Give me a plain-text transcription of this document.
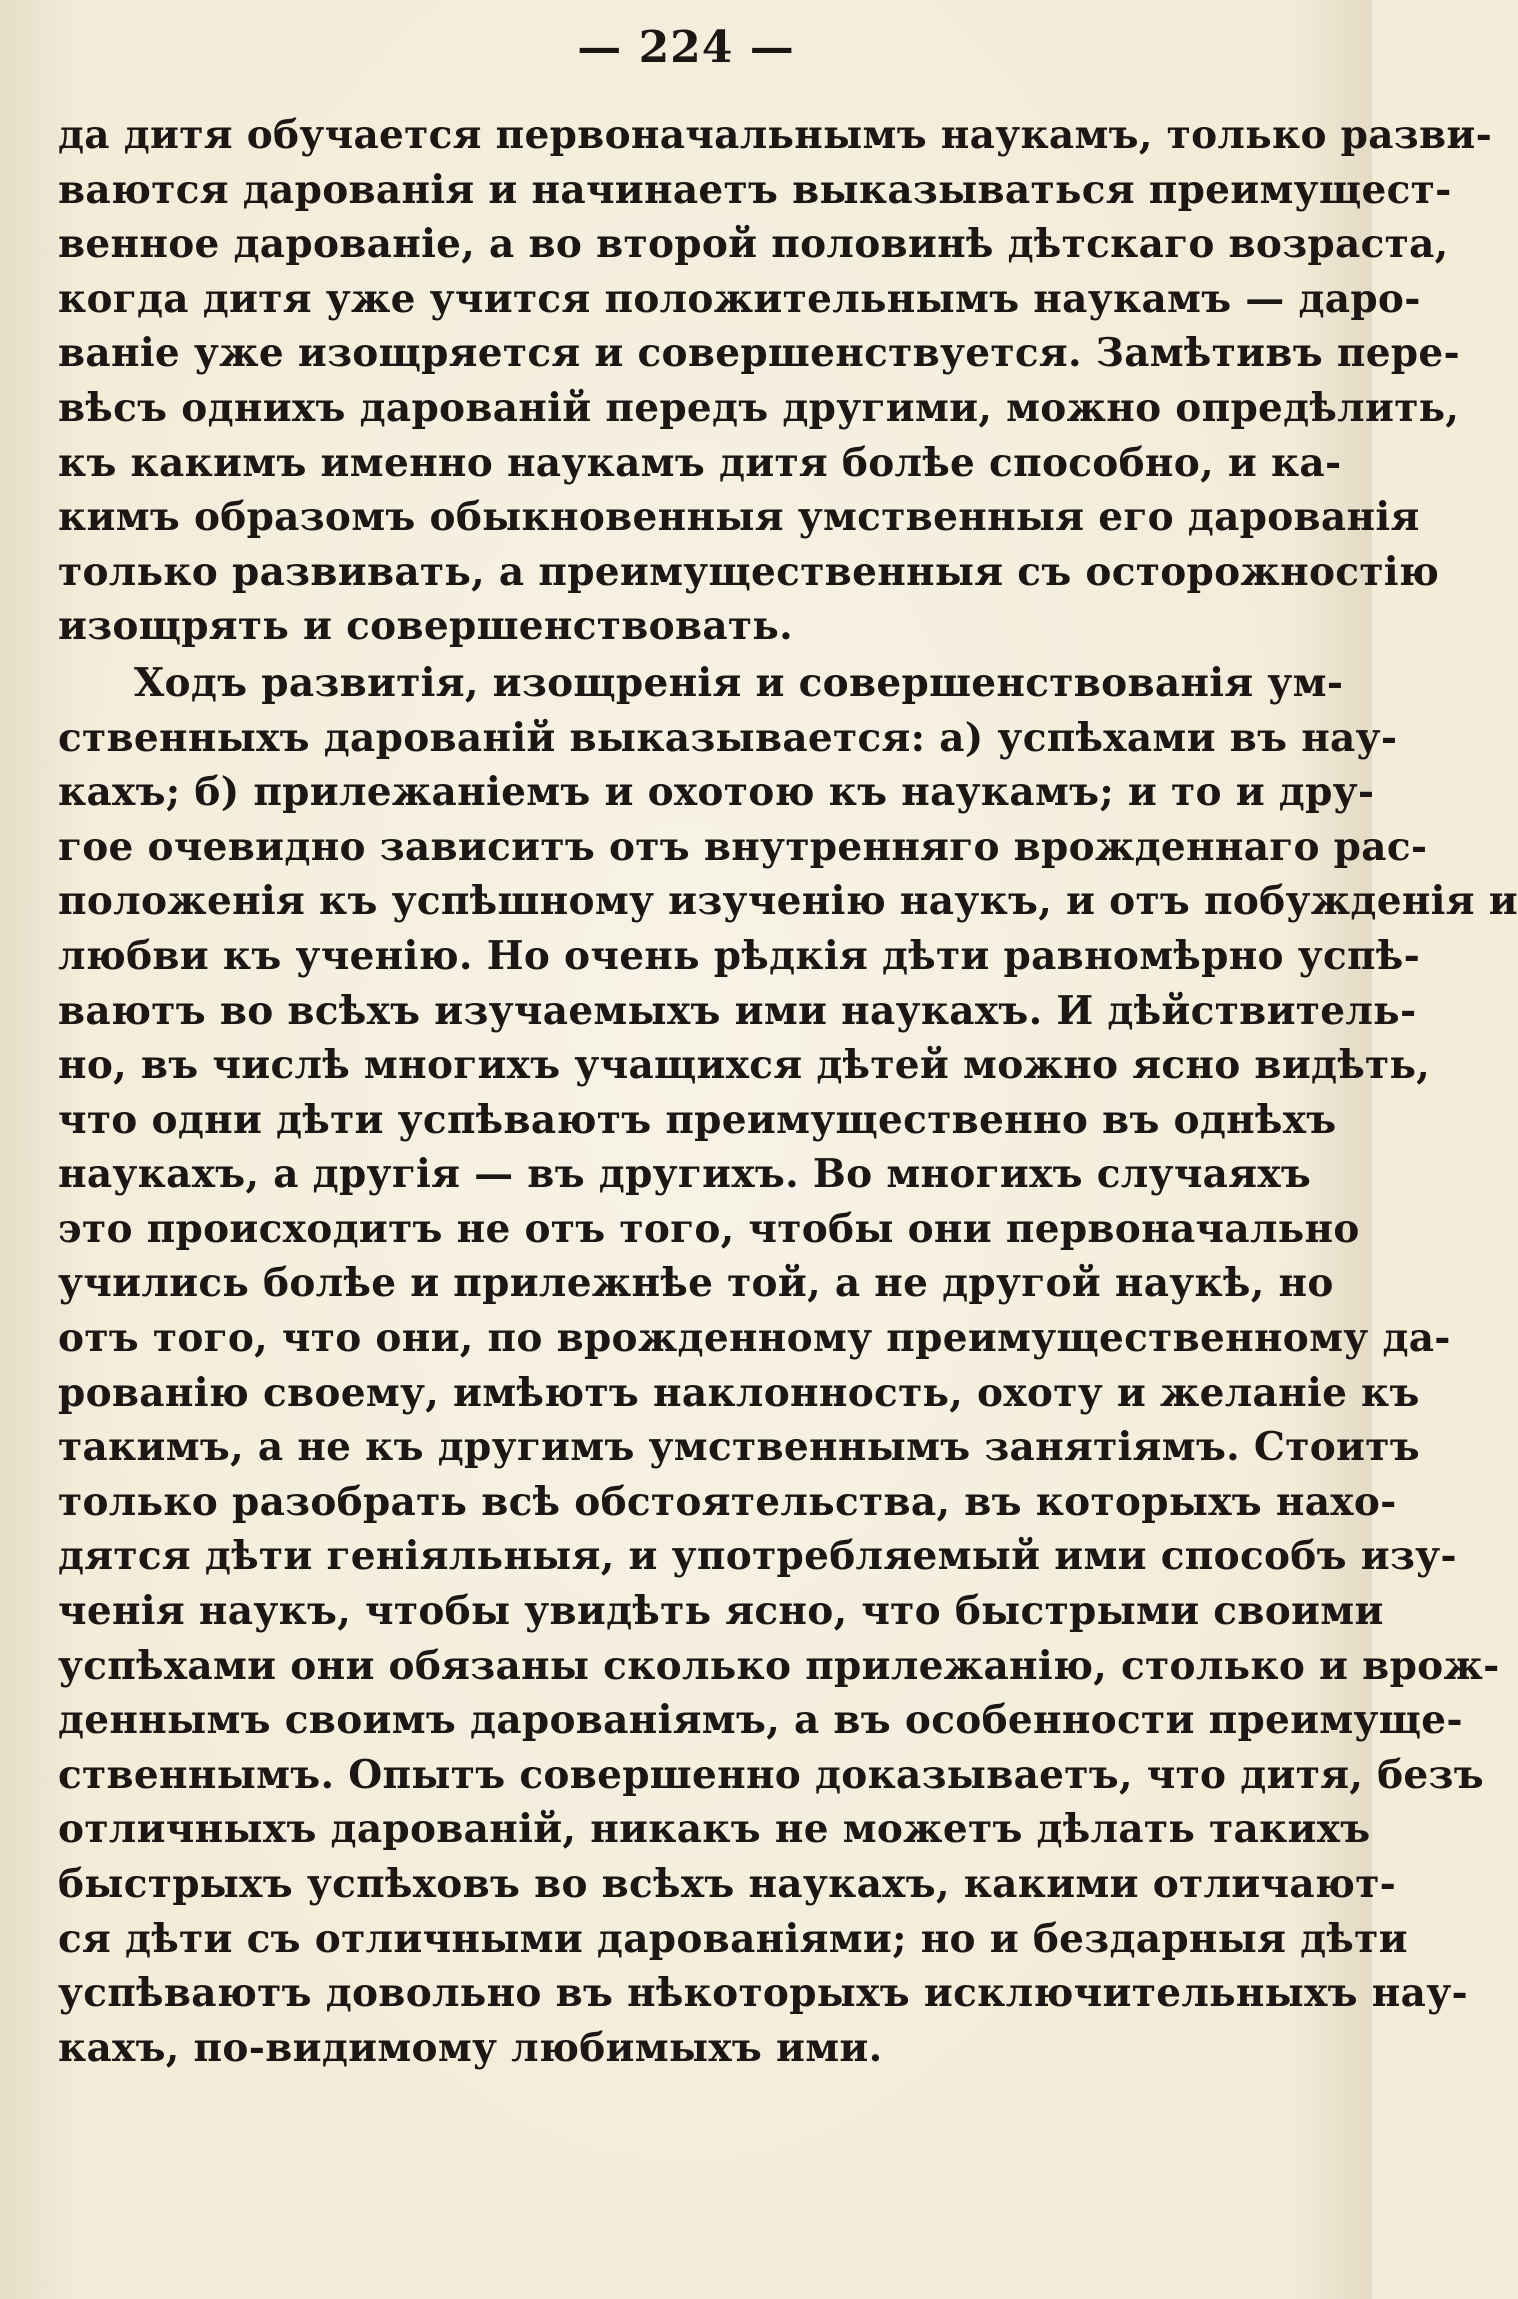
— 224 —
да дитя обучается первоначальнымъ наукамъ, только разви-
ваются дарованія и начинаетъ выказываться преимущест-
венное дарованіе, а во второй половинѣ дѣтскаго возраста,
когда дитя уже учится положительнымъ наукамъ — даро-
ваніе уже изощряется и совершенствуется. Замѣтивъ пере-
вѣсъ однихъ дарованій передъ другими, можно опредѣлить,
къ какимъ именно наукамъ дитя болѣе способно, и ка-
кимъ образомъ обыкновенныя умственныя его дарованія
только развивать, а преимущественныя съ осторожностію
изощрять и совершенствовать.
Ходъ развитія, изощренія и совершенствованія ум-
ственныхъ дарованій выказывается: а) успѣхами въ нау-
кахъ; б) прилежаніемъ и охотою къ наукамъ; и то и дру-
гое очевидно зависитъ отъ внутренняго врожденнаго рас-
положенія къ успѣшному изученію наукъ, и отъ побужденія и
любви къ ученію. Но очень рѣдкія дѣти равномѣрно успѣ-
ваютъ во всѣхъ изучаемыхъ ими наукахъ. И дѣйствитель-
но, въ числѣ многихъ учащихся дѣтей можно ясно видѣть,
что одни дѣти успѣваютъ преимущественно въ однѣхъ
наукахъ, а другія — въ другихъ. Во многихъ случаяхъ
это происходитъ не отъ того, чтобы они первоначально
учились болѣе и прилежнѣе той, а не другой наукѣ, но
отъ того, что они, по врожденному преимущественному да-
рованію своему, имѣютъ наклонность, охоту и желаніе къ
такимъ, а не къ другимъ умственнымъ занятіямъ. Стоитъ
только разобрать всѣ обстоятельства, въ которыхъ нахо-
дятся дѣти геніяльныя, и употребляемый ими способъ изу-
ченія наукъ, чтобы увидѣть ясно, что быстрыми своими
успѣхами они обязаны сколько прилежанію, столько и врож-
деннымъ своимъ дарованіямъ, а въ особенности преимуще-
ственнымъ. Опытъ совершенно доказываетъ, что дитя, безъ
отличныхъ дарованій, никакъ не можетъ дѣлать такихъ
быстрыхъ успѣховъ во всѣхъ наукахъ, какими отличают-
ся дѣти съ отличными дарованіями; но и бездарныя дѣти
успѣваютъ довольно въ нѣкоторыхъ исключительныхъ нау-
кахъ, по-видимому любимыхъ ими.
